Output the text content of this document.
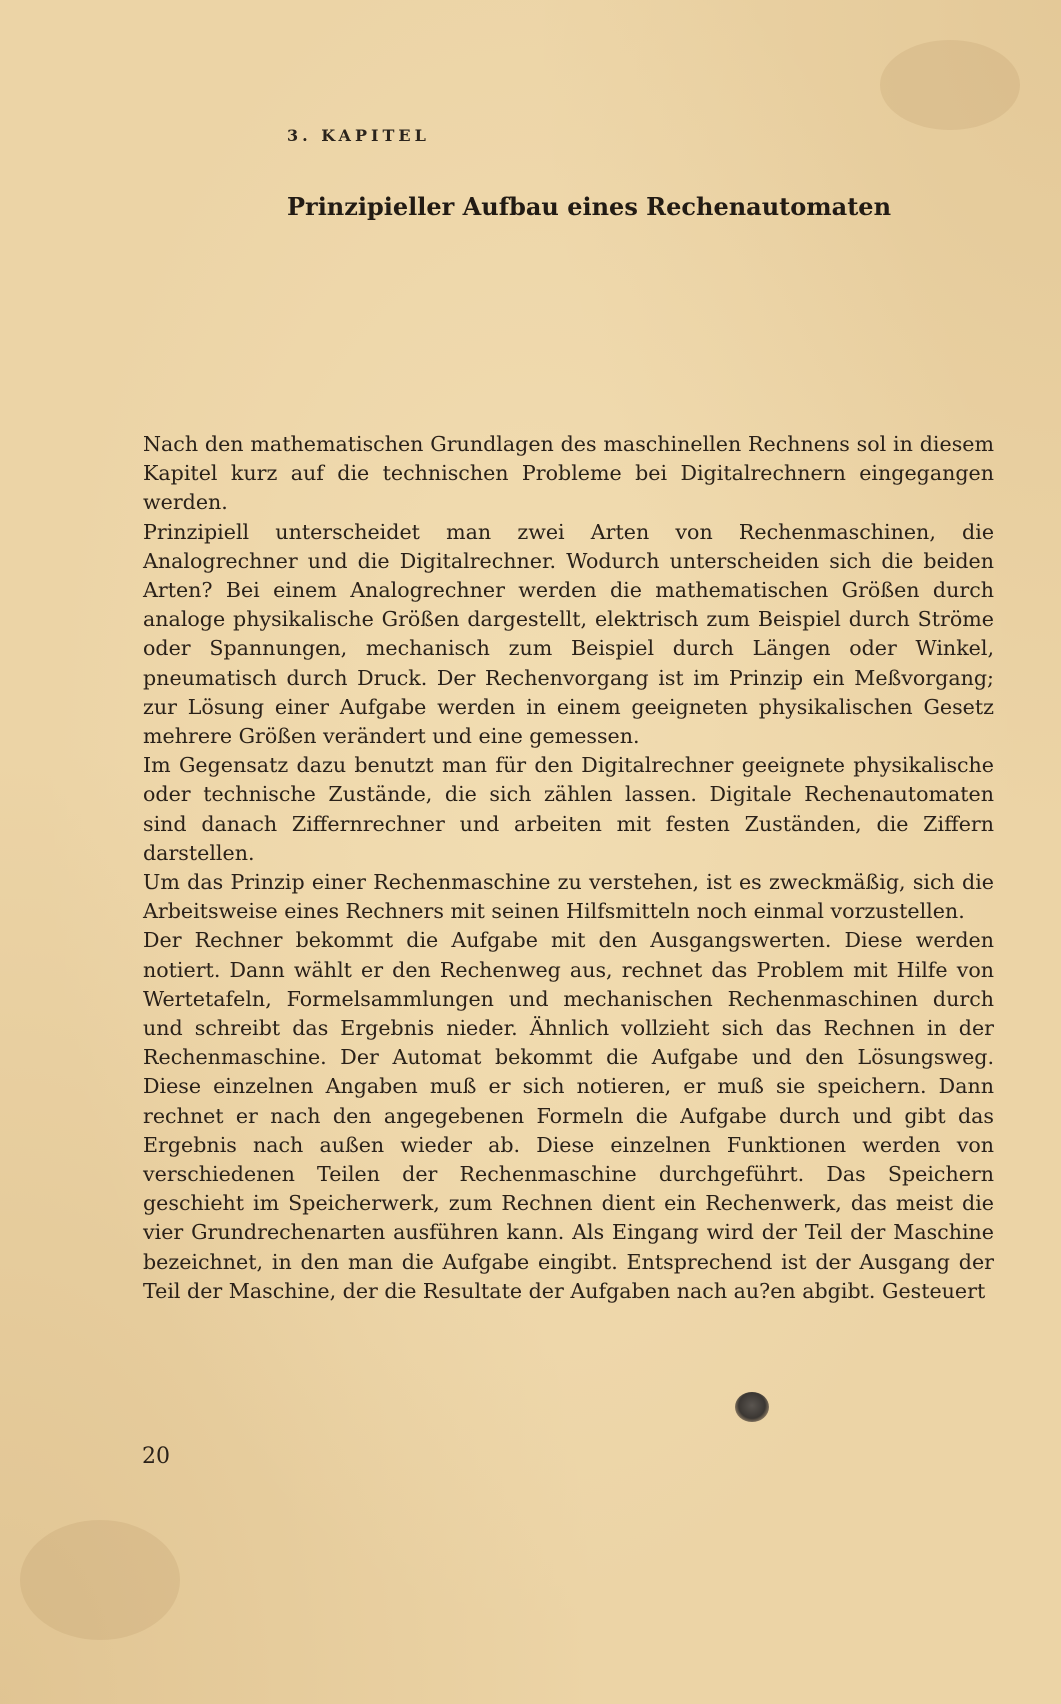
3. KAPITEL
Prinzipieller Aufbau eines Rechenautomaten

Nach den mathematischen Grundlagen des maschinellen Rechnens sol in diesem Kapitel kurz auf die technischen Probleme bei Digitalrechnern eingegangen werden.

Prinzipiell unterscheidet man zwei Arten von Rechenmaschinen, die Analogrechner und die Digitalrechner. Wodurch unterscheiden sich die beiden Arten? Bei einem Analogrechner werden die mathematischen Größen durch analoge physikalische Größen dargestellt, elektrisch zum Beispiel durch Ströme oder Spannungen, mechanisch zum Beispiel durch Längen oder Winkel, pneumatisch durch Druck. Der Rechenvorgang ist im Prinzip ein Meßvorgang; zur Lösung einer Aufgabe werden in einem geeigneten physikalischen Gesetz mehrere Größen verändert und eine gemessen.

Im Gegensatz dazu benutzt man für den Digitalrechner geeignete physikalische oder technische Zustände, die sich zählen lassen. Digitale Rechenautomaten sind danach Ziffernrechner und arbeiten mit festen Zuständen, die Ziffern darstellen.

Um das Prinzip einer Rechenmaschine zu verstehen, ist es zweckmäßig, sich die Arbeitsweise eines Rechners mit seinen Hilfsmitteln noch einmal vorzustellen.

Der Rechner bekommt die Aufgabe mit den Ausgangswerten. Diese werden notiert. Dann wählt er den Rechenweg aus, rechnet das Problem mit Hilfe von Wertetafeln, Formelsammlungen und mechanischen Rechenmaschinen durch und schreibt das Ergebnis nieder. Ähnlich vollzieht sich das Rechnen in der Rechenmaschine. Der Automat bekommt die Aufgabe und den Lösungsweg. Diese einzelnen Angaben muß er sich notieren, er muß sie speichern. Dann rechnet er nach den angegebenen Formeln die Aufgabe durch und gibt das Ergebnis nach außen wieder ab. Diese einzelnen Funktionen werden von verschiedenen Teilen der Rechenmaschine durchgeführt. Das Speichern geschieht im Speicherwerk, zum Rechnen dient ein Rechenwerk, das meist die vier Grundrechenarten ausführen kann. Als Eingang wird der Teil der Maschine bezeichnet, in den man die Aufgabe eingibt. Entsprechend ist der Ausgang der Teil der Maschine, der die Resultate der Aufgaben nach au?en abgibt. Gesteuert

20
